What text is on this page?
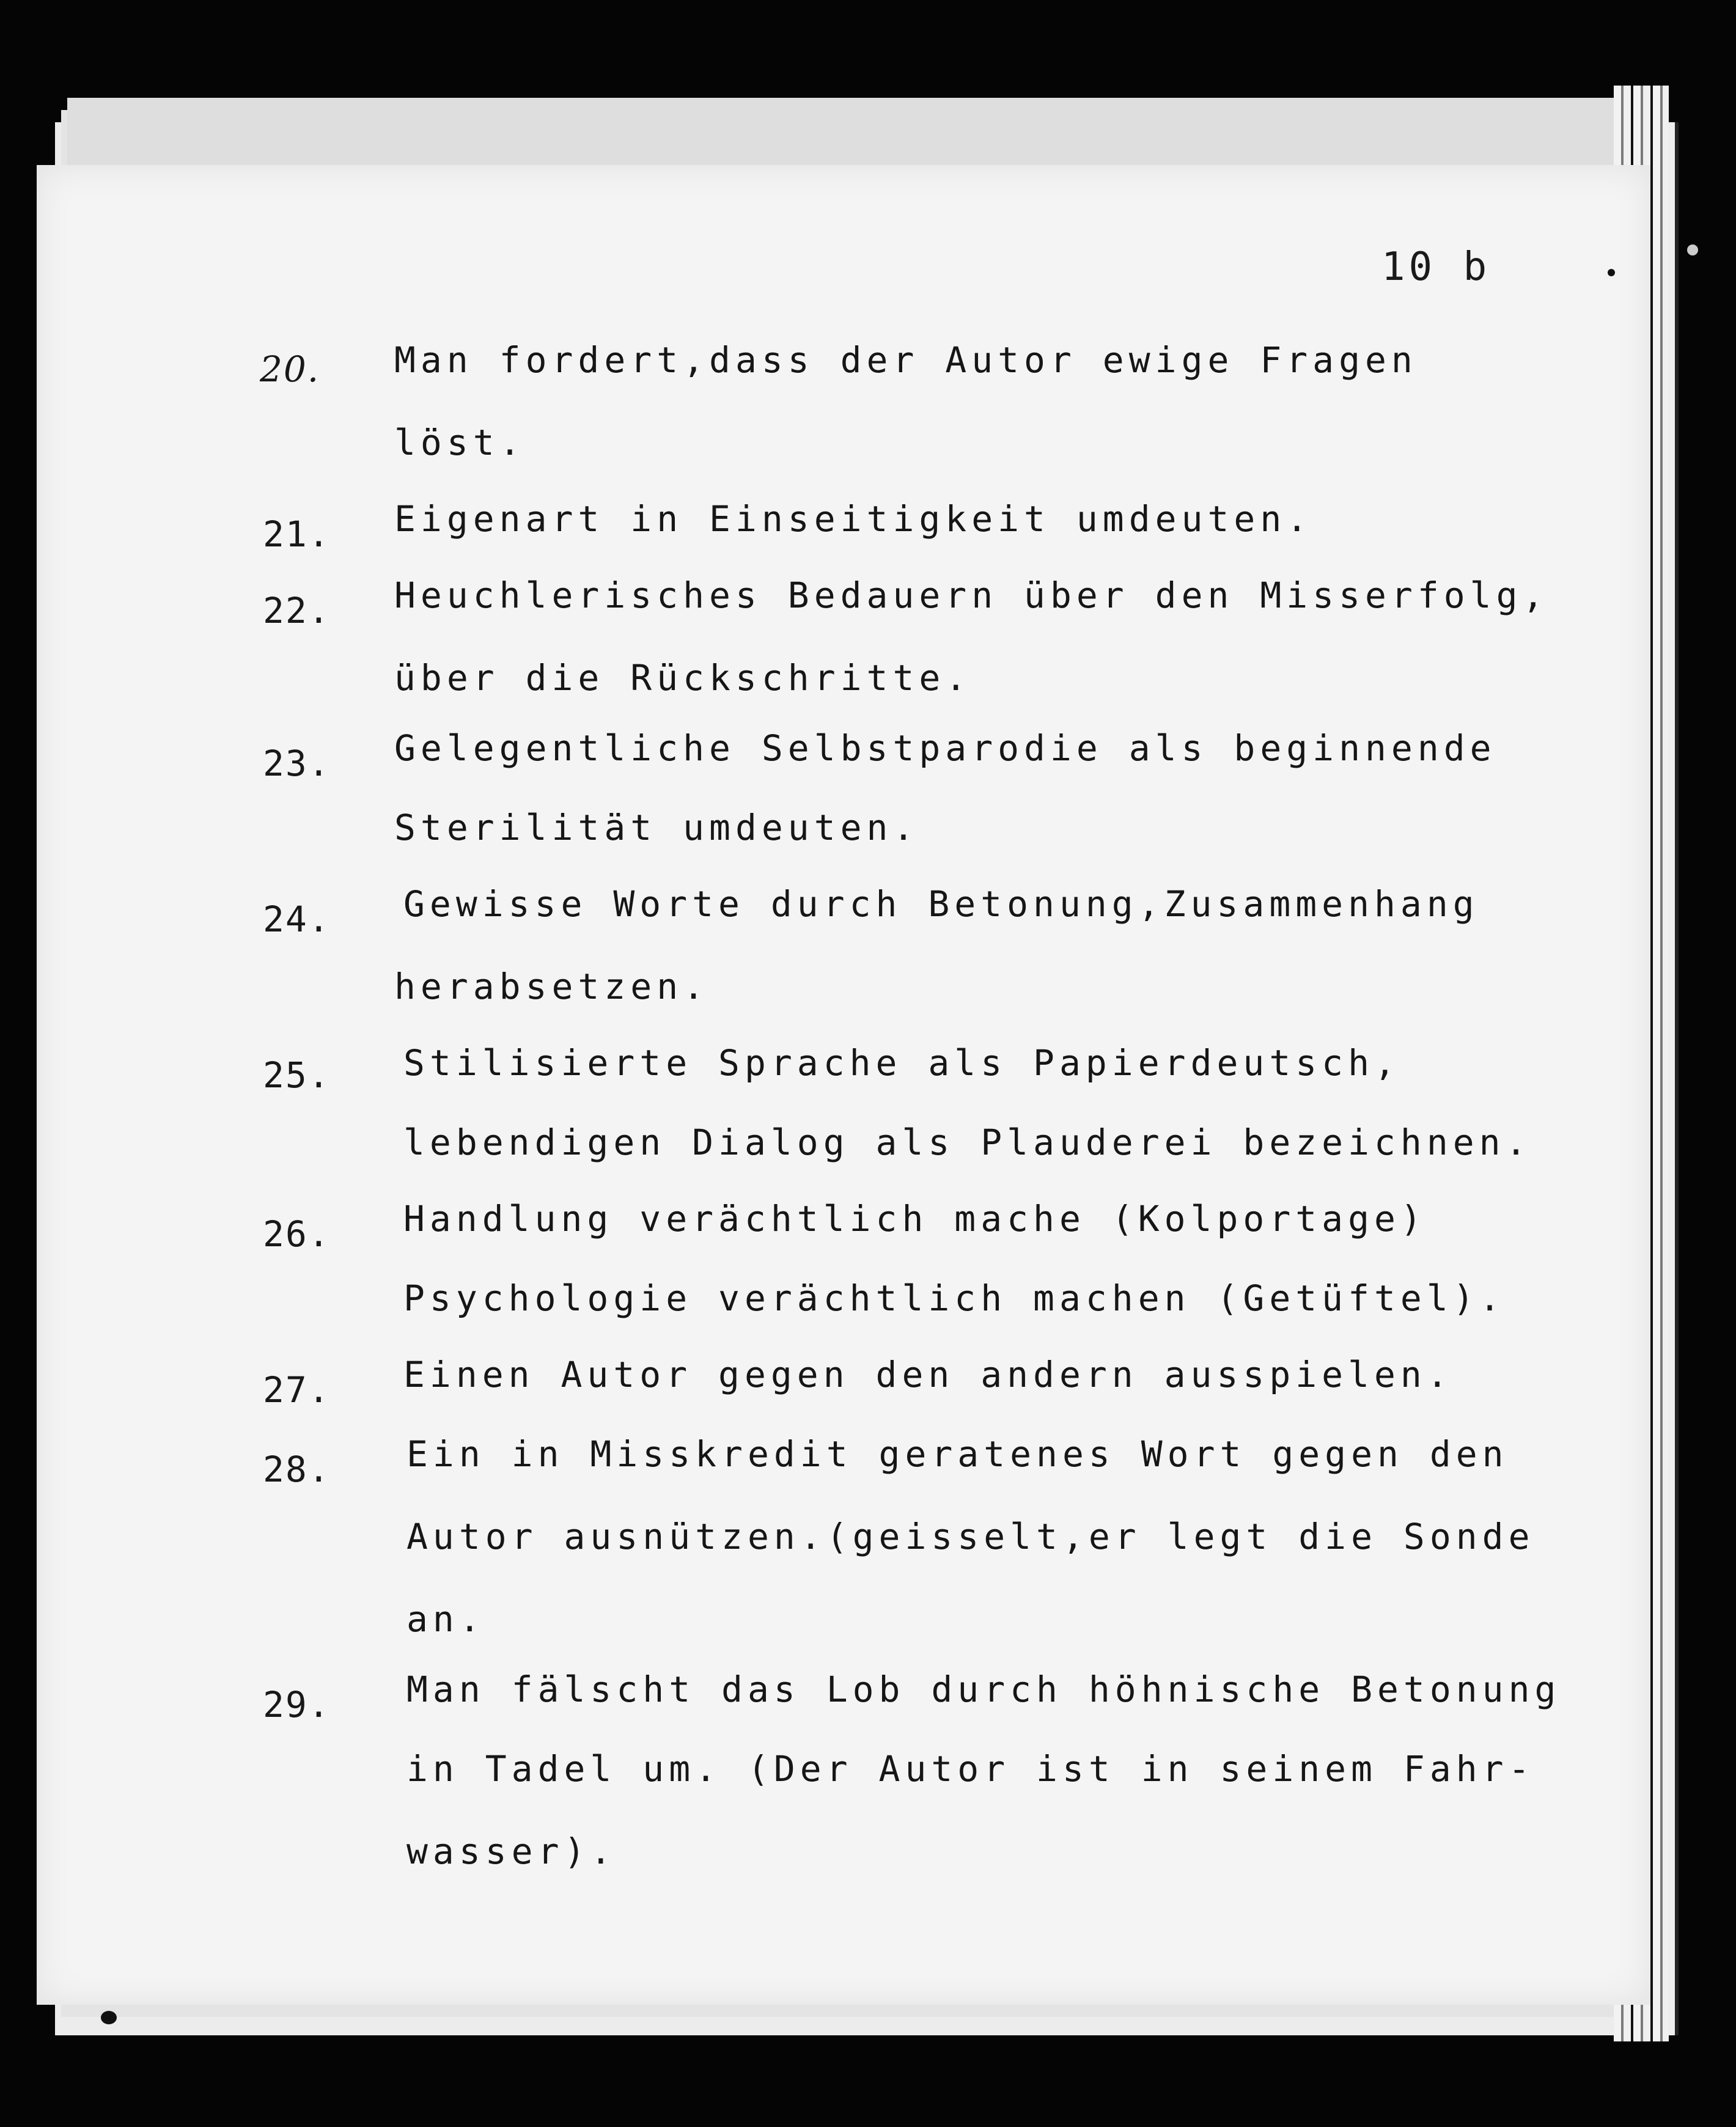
10 b
20. Man fordert,dass der Autor ewige Fragen
löst.
21. Eigenart in Einseitigkeit umdeuten.
22. Heuchlerisches Bedauern über den Misserfolg,
über die Rückschritte.
23. Gelegentliche Selbstparodie als beginnende
Sterilität umdeuten.
24. Gewisse Worte durch Betonung,Zusammenhang
herabsetzen.
25. Stilisierte Sprache als Papierdeutsch,
lebendigen Dialog als Plauderei bezeichnen.
26. Handlung verächtlich mache (Kolportage)
Psychologie verächtlich machen (Getüftel).
27. Einen Autor gegen den andern ausspielen.
28. Ein in Misskredit geratenes Wort gegen den
Autor ausnützen.(geisselt,er legt die Sonde
an.
29. Man fälscht das Lob durch höhnische Betonung
in Tadel um. (Der Autor ist in seinem Fahr-
wasser).
